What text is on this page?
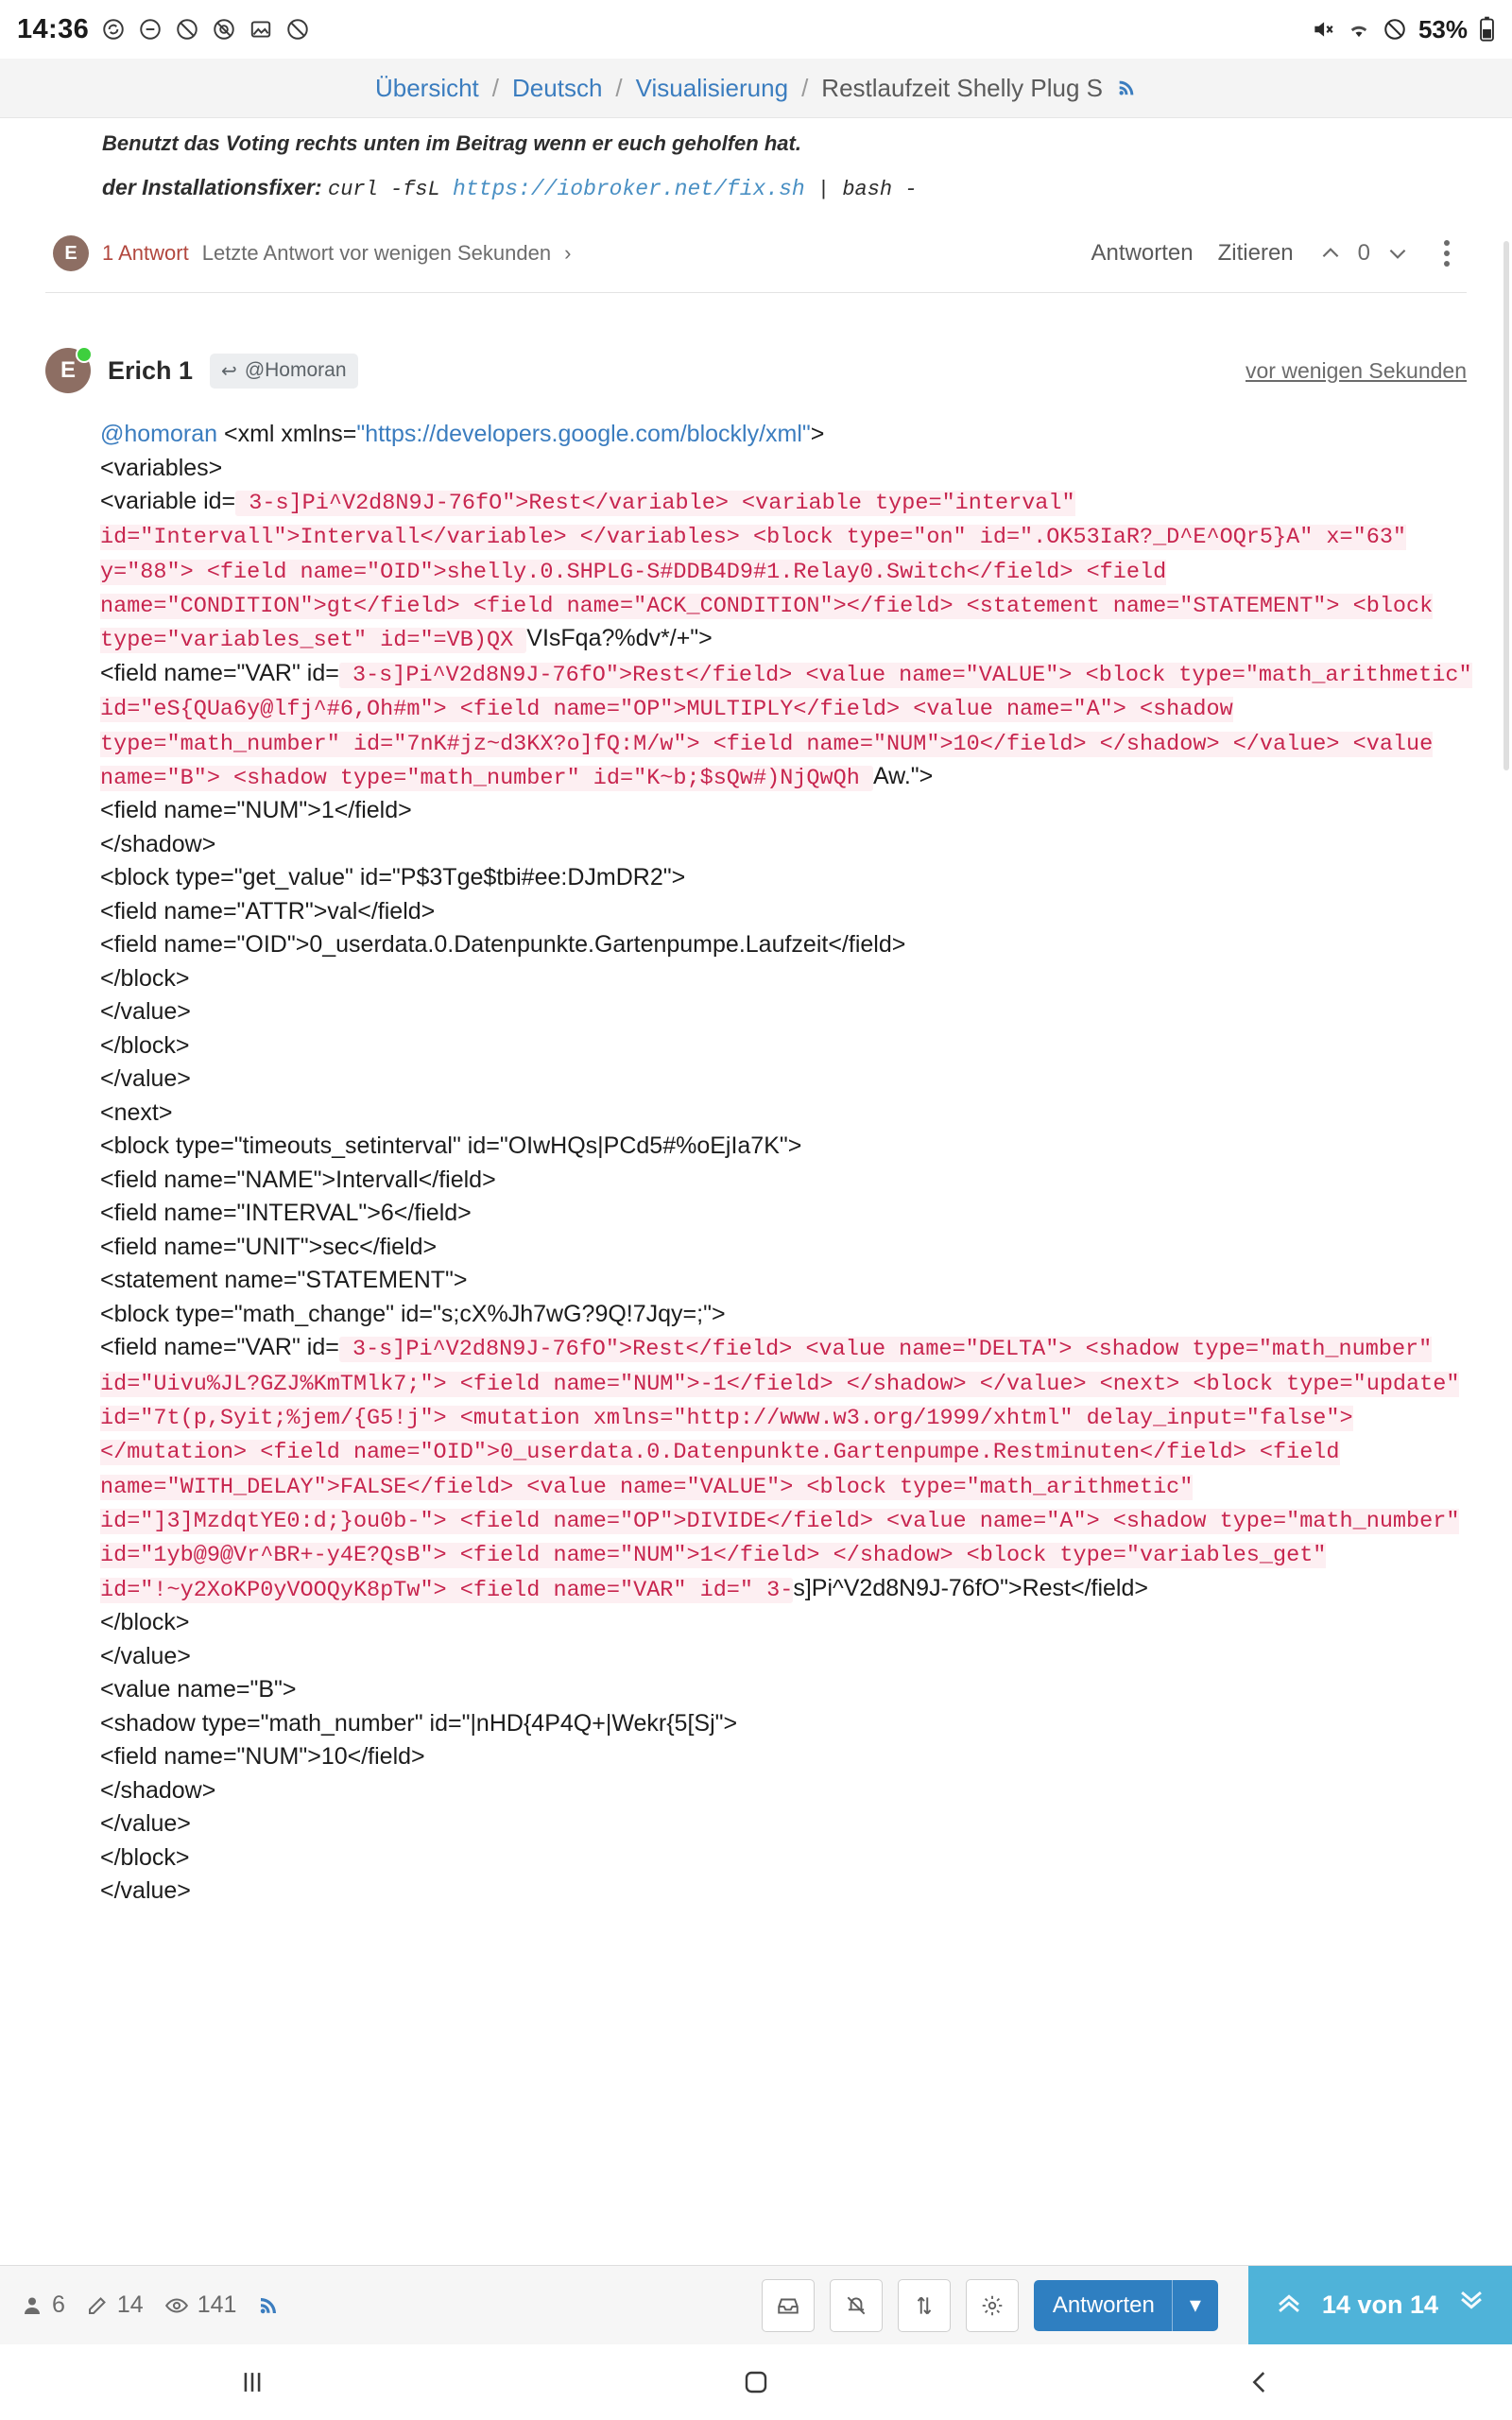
14:36	53%
Übersicht / Deutsch / Visualisierung / Restlaufzeit Shelly Plug S
Benutzt das Voting rechts unten im Beitrag wenn er euch geholfen hat.
der Installationsfixer: curl -fsL https://iobroker.net/fix.sh | bash -
E	1 Antwort Letzte Antwort vor wenigen Sekunden ›	Antworten Zitieren	0
E Erich 1 ↩ @Homoran	vor wenigen Sekunden
@homoran <xml xmlns="https://developers.google.com/blockly/xml">
<variables>
<variable id= 3-s]Pi^V2d8N9J-76fO">Rest</variable> <variable type="interval" id="Intervall">Intervall</variable> </variables> <block type="on" id=".OK53IaR?_D^E^OQr5}A" x="63" y="88"> <field name="OID">shelly.0.SHPLG-S#DDB4D9#1.Relay0.Switch</field> <field name="CONDITION">gt</field> <field name="ACK_CONDITION"></field> <statement name="STATEMENT"> <block type="variables_set" id="=VB)QX VIsFqa?%dv*/+">
<field name="VAR" id= 3-s]Pi^V2d8N9J-76fO">Rest</field> <value name="VALUE"> <block type="math_arithmetic" id="eS{QUa6y@lfj^#6,Oh#m"> <field name="OP">MULTIPLY</field> <value name="A"> <shadow type="math_number" id="7nK#jz~d3KX?o]fQ:M/w"> <field name="NUM">10</field> </shadow> </value> <value name="B"> <shadow type="math_number" id="K~b;$sQw#)NjQwQh Aw.">
<field name="NUM">1</field>
</shadow>
<block type="get_value" id="P$3Tge$tbi#ee:DJmDR2">
<field name="ATTR">val</field>
<field name="OID">0_userdata.0.Datenpunkte.Gartenpumpe.Laufzeit</field>
</block>
</value>
</block>
</value>
<next>
<block type="timeouts_setinterval" id="OIwHQs|PCd5#%oEjIa7K">
<field name="NAME">Intervall</field>
<field name="INTERVAL">6</field>
<field name="UNIT">sec</field>
<statement name="STATEMENT">
<block type="math_change" id="s;cX%Jh7wG?9Q!7Jqy=;">
<field name="VAR" id= 3-s]Pi^V2d8N9J-76fO">Rest</field> <value name="DELTA"> <shadow type="math_number" id="Uivu%JL?GZJ%KmTMlk7;"> <field name="NUM">-1</field> </shadow> </value> <next> <block type="update" id="7t(p,Syit;%jem/{G5!j"> <mutation xmlns="http://www.w3.org/1999/xhtml" delay_input="false"></mutation> <field name="OID">0_userdata.0.Datenpunkte.Gartenpumpe.Restminuten</field> <field name="WITH_DELAY">FALSE</field> <value name="VALUE"> <block type="math_arithmetic" id="]3]MzdqtYE0:d;}ou0b-"> <field name="OP">DIVIDE</field> <value name="A"> <shadow type="math_number" id="1yb@9@Vr^BR+-y4E?QsB"> <field name="NUM">1</field> </shadow> <block type="variables_get" id="!~y2XoKP0yVOOQyK8pTw"> <field name="VAR" id=" 3-s]Pi^V2d8N9J-76fO">Rest</field>
</block>
</value>
<value name="B">
<shadow type="math_number" id="|nHD{4P4Q+|Wekr{5[Sj">
<field name="NUM">10</field>
</shadow>
</value>
</block>
</value>
6 14 141	Antworten	▾	14 von 14
